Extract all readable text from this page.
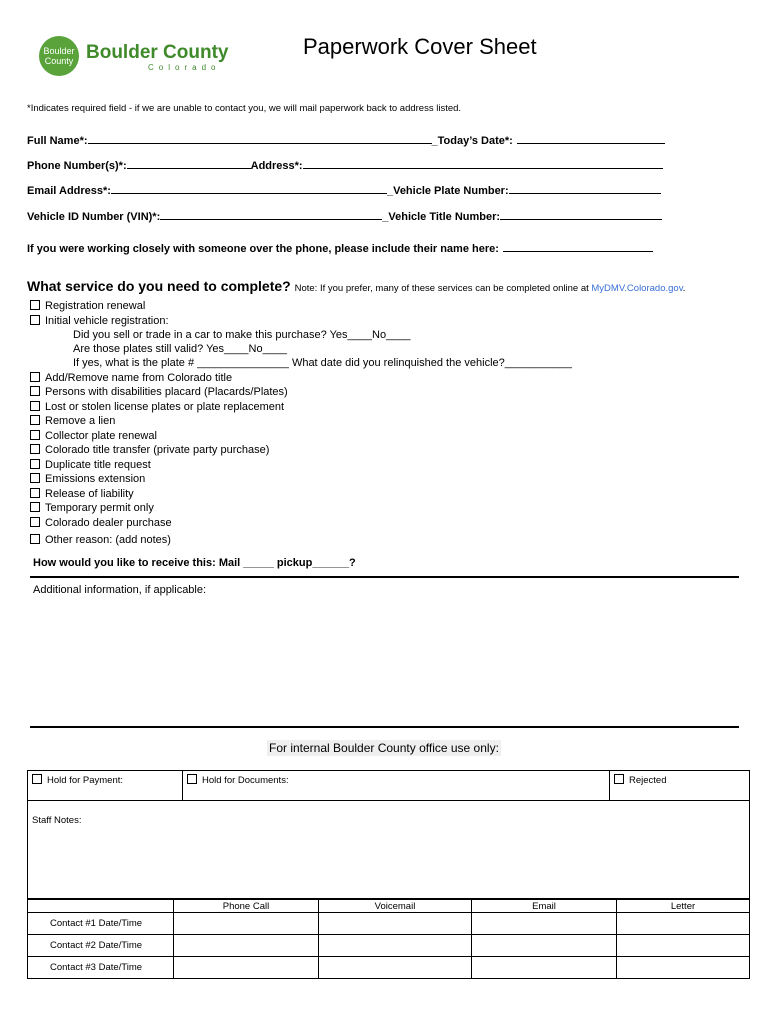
Boulder County Boulder County
Colorado
Paperwork Cover Sheet
*Indicates required field - if we are unable to contact you, we will mail paperwork back to address listed.
Full Name*:	_Today’s Date*:
Phone Number(s)*:	Address*:
Email Address*:	_Vehicle Plate Number:
Vehicle ID Number (VIN)*:	_Vehicle Title Number:
If you were working closely with someone over the phone, please include their name here:
What service do you need to complete? Note: If you prefer, many of these services can be completed online at MyDMV.Colorado.gov.
Registration renewal
Initial vehicle registration:
Did you sell or trade in a car to make this purchase? Yes____No____
Are those plates still valid? Yes____No____
If yes, what is the plate # _______________ What date did you relinquished the vehicle?___________
Add/Remove name from Colorado title
Persons with disabilities placard (Placards/Plates)
Lost or stolen license plates or plate replacement
Remove a lien
Collector plate renewal
Colorado title transfer (private party purchase)
Duplicate title request
Emissions extension
Release of liability
Temporary permit only
Colorado dealer purchase
Other reason: (add notes)
How would you like to receive this: Mail _____ pickup______?
Additional information, if applicable:
For internal Boulder County office use only:
Hold for Payment:	Hold for Documents:	Rejected
Staff Notes:
	Phone Call	Voicemail	Email	Letter
Contact #1 Date/Time				
Contact #2 Date/Time				
Contact #3 Date/Time				
